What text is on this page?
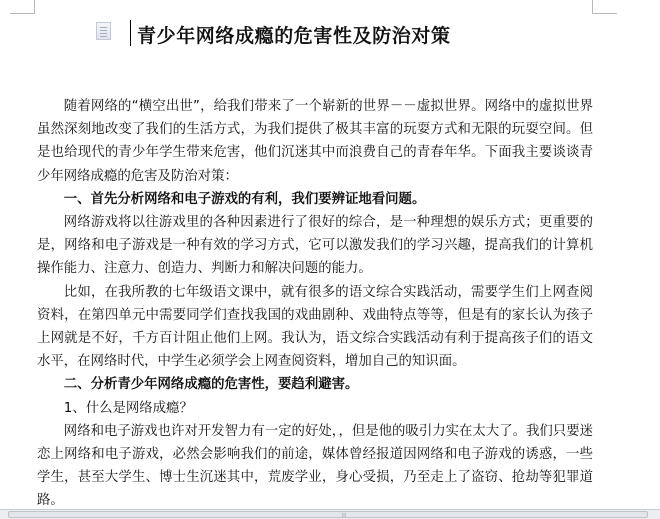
青少年网络成瘾的危害性及防治对策

随着网络的“横空出世”，给我们带来了一个崭新的世界－－虚拟世界。网络中的虚拟世界虽然深刻地改变了我们的生活方式，为我们提供了极其丰富的玩耍方式和无限的玩耍空间。但是也给现代的青少年学生带来危害，他们沉迷其中而浪费自己的青春年华。下面我主要谈谈青少年网络成瘾的危害及防治对策：

一、首先分析网络和电子游戏的有利，我们要辨证地看问题。

网络游戏将以往游戏里的各种因素进行了很好的综合，是一种理想的娱乐方式；更重要的是，网络和电子游戏是一种有效的学习方式，它可以激发我们的学习兴趣，提高我们的计算机操作能力、注意力、创造力、判断力和解决问题的能力。

比如，在我所教的七年级语文课中，就有很多的语文综合实践活动，需要学生们上网查阅资料，在第四单元中需要同学们查找我国的戏曲剧种、戏曲特点等等，但是有的家长认为孩子上网就是不好，千方百计阻止他们上网。我认为，语文综合实践活动有利于提高孩子们的语文水平，在网络时代，中学生必须学会上网查阅资料，增加自己的知识面。

二、分析青少年网络成瘾的危害性，要趋利避害。

1、什么是网络成瘾？

网络和电子游戏也许对开发智力有一定的好处，，但是他的吸引力实在太大了。我们只要迷恋上网络和电子游戏，必然会影响我们的前途，媒体曾经报道因网络和电子游戏的诱惑，一些学生，甚至大学生、博士生沉迷其中，荒废学业，身心受损，乃至走上了盗窃、抢劫等犯罪道路。

⦙⦙⦙
